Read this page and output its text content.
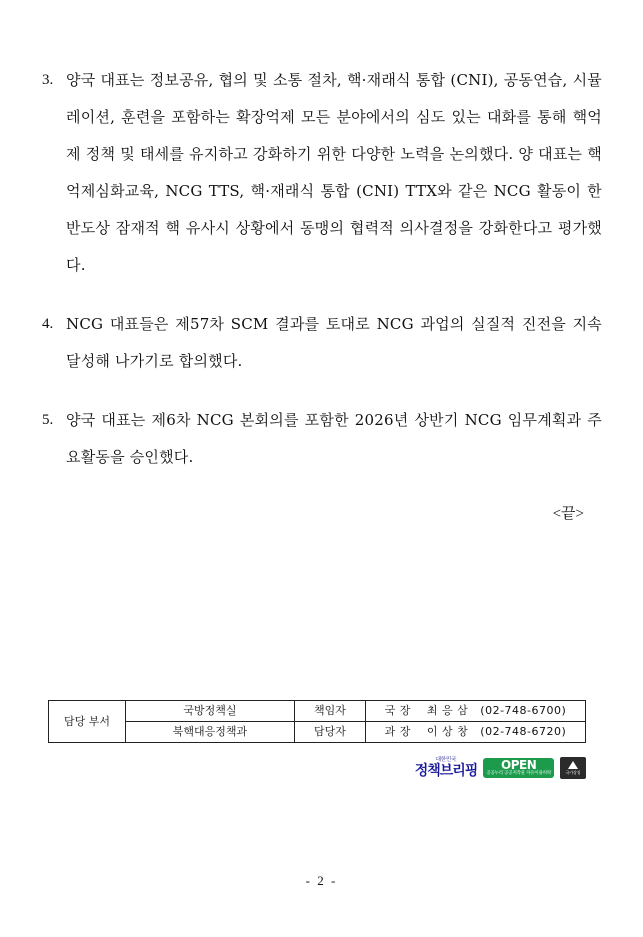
3. 양국 대표는 정보공유, 협의 및 소통 절차, 핵·재래식 통합 (CNI), 공동연습, 시뮬레이션, 훈련을 포함하는 확장억제 모든 분야에서의 심도 있는 대화를 통해 핵억제 정책 및 태세를 유지하고 강화하기 위한 다양한 노력을 논의했다. 양 대표는 핵억제심화교육, NCG TTS, 핵·재래식 통합 (CNI) TTX와 같은 NCG 활동이 한반도상 잠재적 핵 유사시 상황에서 동맹의 협력적 의사결정을 강화한다고 평가했다.
4. NCG 대표들은 제57차 SCM 결과를 토대로 NCG 과업의 실질적 진전을 지속 달성해 나가기로 합의했다.
5. 양국 대표는 제6차 NCG 본회의를 포함한 2026년 상반기 NCG 임무계획과 주요활동을 승인했다.
<끝>
담당 부서	국방정책실	책임자	국 장 최 응 삼 (02-748-6700)
	북핵대응정책과	담당자	과 장 이 상 창 (02-748-6720)
대한민국
정책브리핑 OPEN
공공누리 공공저작물 자유이용허락	국가상징
- 2 -
